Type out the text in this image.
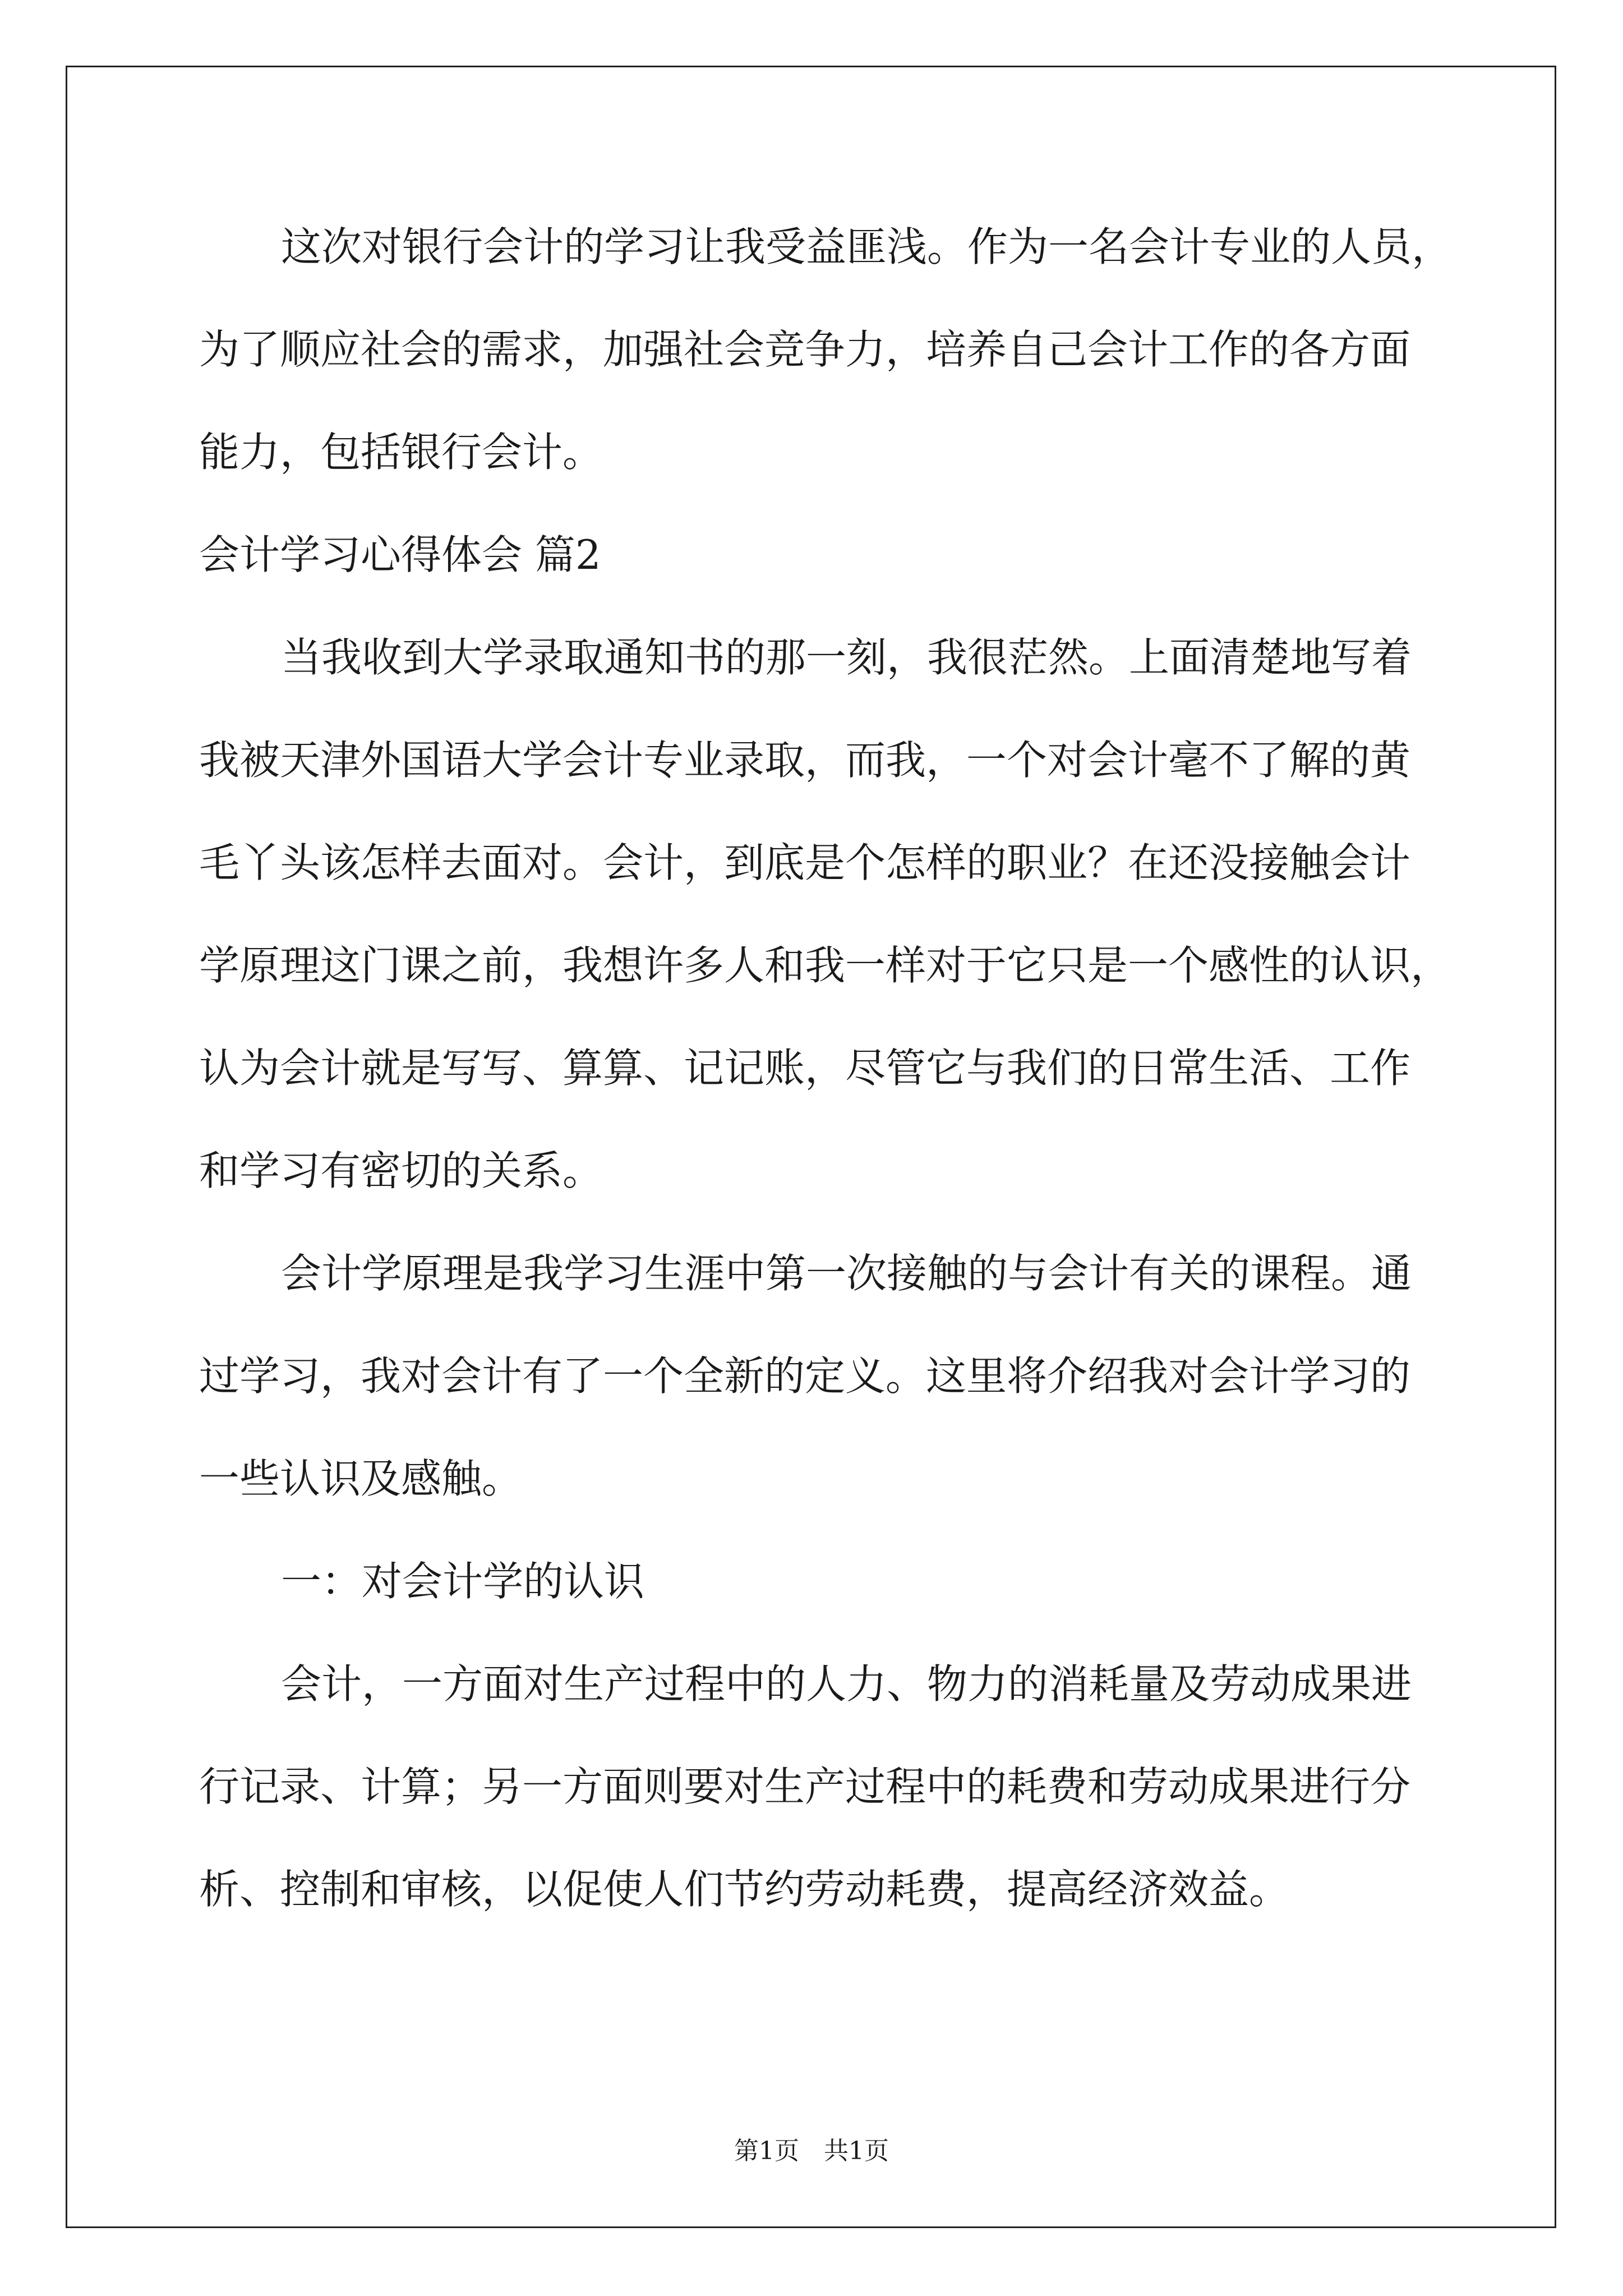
这次对银行会计的学习让我受益匪浅。作为一名会计专业的人员，
为了顺应社会的需求，加强社会竞争力，培养自己会计工作的各方面
能力，包括银行会计。
会计学习心得体会 篇2
当我收到大学录取通知书的那一刻，我很茫然。上面清楚地写着
我被天津外国语大学会计专业录取，而我，一个对会计毫不了解的黄
毛丫头该怎样去面对。会计，到底是个怎样的职业？在还没接触会计
学原理这门课之前，我想许多人和我一样对于它只是一个感性的认识，
认为会计就是写写、算算、记记账，尽管它与我们的日常生活、工作
和学习有密切的关系。
会计学原理是我学习生涯中第一次接触的与会计有关的课程。通
过学习，我对会计有了一个全新的定义。这里将介绍我对会计学习的
一些认识及感触。
一：对会计学的认识
会计，一方面对生产过程中的人力、物力的消耗量及劳动成果进
行记录、计算；另一方面则要对生产过程中的耗费和劳动成果进行分
析、控制和审核，以促使人们节约劳动耗费，提高经济效益。
第1页　共1页
